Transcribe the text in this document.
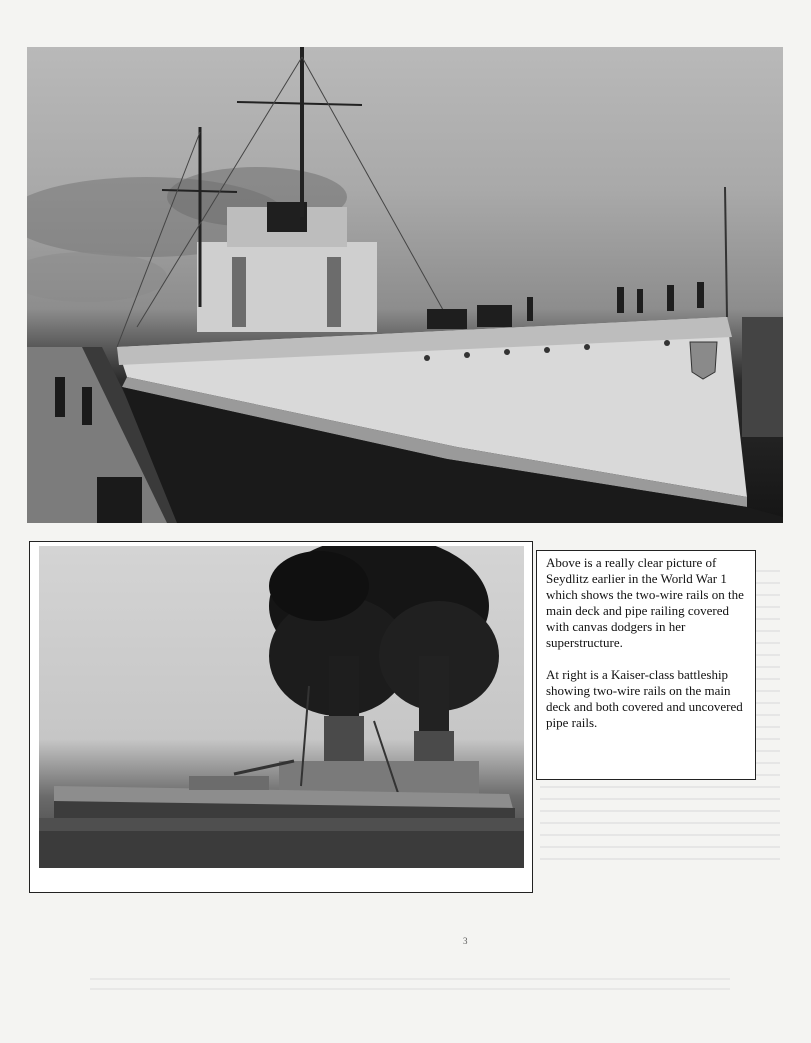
Above is a really clear picture of Seydlitz earlier in the World War 1 which shows the two-wire rails on the main deck and pipe railing covered with canvas dodgers in her superstructure.

At right is a Kaiser-class battleship showing two-wire rails on the main deck and both covered and uncovered pipe rails.

3
